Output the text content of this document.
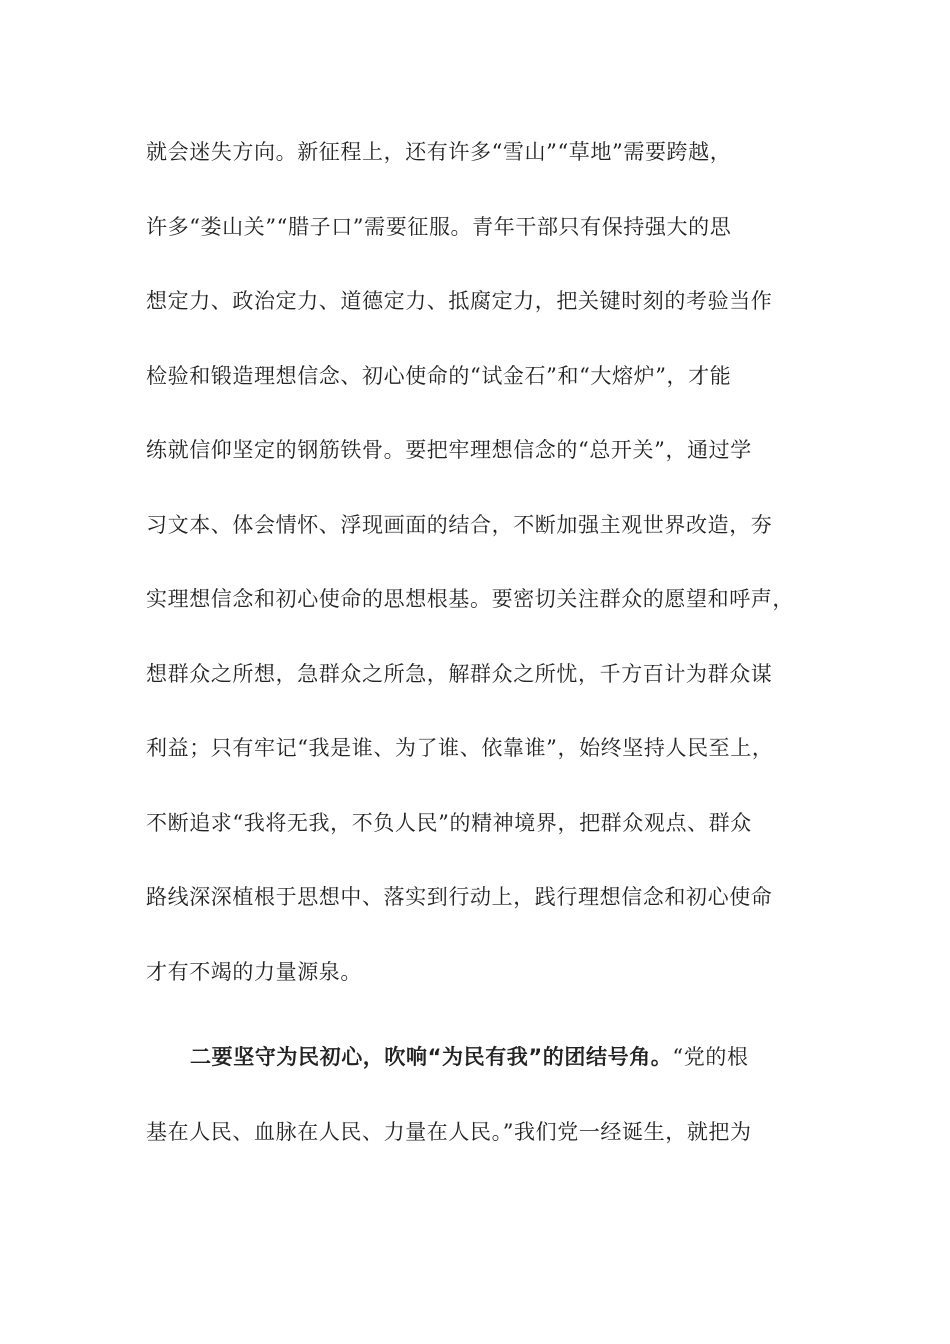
就会迷失方向。新征程上，还有许多“雪山”“草地”需要跨越，
许多“娄山关”“腊子口”需要征服。青年干部只有保持强大的思
想定力、政治定力、道德定力、抵腐定力，把关键时刻的考验当作
检验和锻造理想信念、初心使命的“试金石”和“大熔炉”，才能
练就信仰坚定的钢筋铁骨。要把牢理想信念的“总开关”，通过学
习文本、体会情怀、浮现画面的结合，不断加强主观世界改造，夯
实理想信念和初心使命的思想根基。要密切关注群众的愿望和呼声，
想群众之所想，急群众之所急，解群众之所忧，千方百计为群众谋
利益；只有牢记“我是谁、为了谁、依靠谁”，始终坚持人民至上，
不断追求“我将无我，不负人民”的精神境界，把群众观点、群众
路线深深植根于思想中、落实到行动上，践行理想信念和初心使命
才有不竭的力量源泉。
二要坚守为民初心，吹响“为民有我”的团结号角。“党的根
基在人民、血脉在人民、力量在人民。”我们党一经诞生，就把为
